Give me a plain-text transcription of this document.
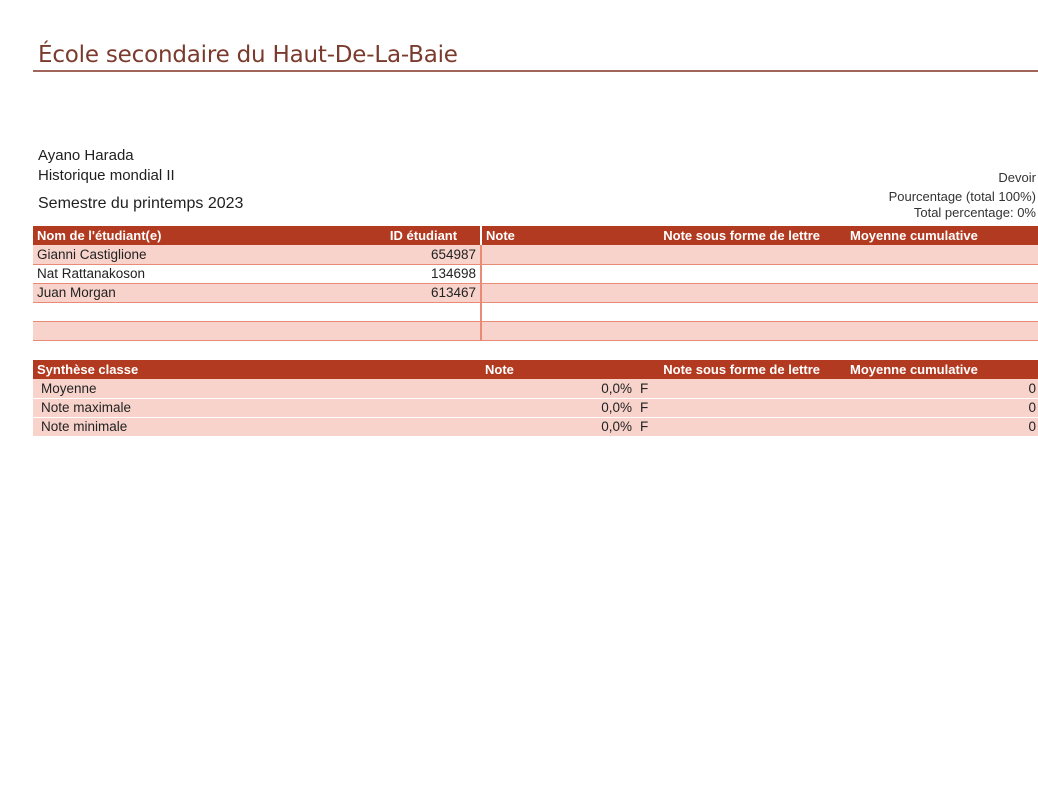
École secondaire du Haut-De-La-Baie
Ayano Harada
Historique mondial II
Semestre du printemps 2023
Devoir
Pourcentage (total 100%)
Total percentage: 0%
Nom de l'étudiant(e)	ID étudiant	Note	Note sous forme de lettre	Moyenne cumulative
Gianni Castiglione	654987			
Nat Rattanakoson	134698			
Juan Morgan	613467			

Synthèse classe	Note	Note sous forme de lettre	Moyenne cumulative
Moyenne	0,0%	F	0
Note maximale	0,0%	F	0
Note minimale	0,0%	F	0
